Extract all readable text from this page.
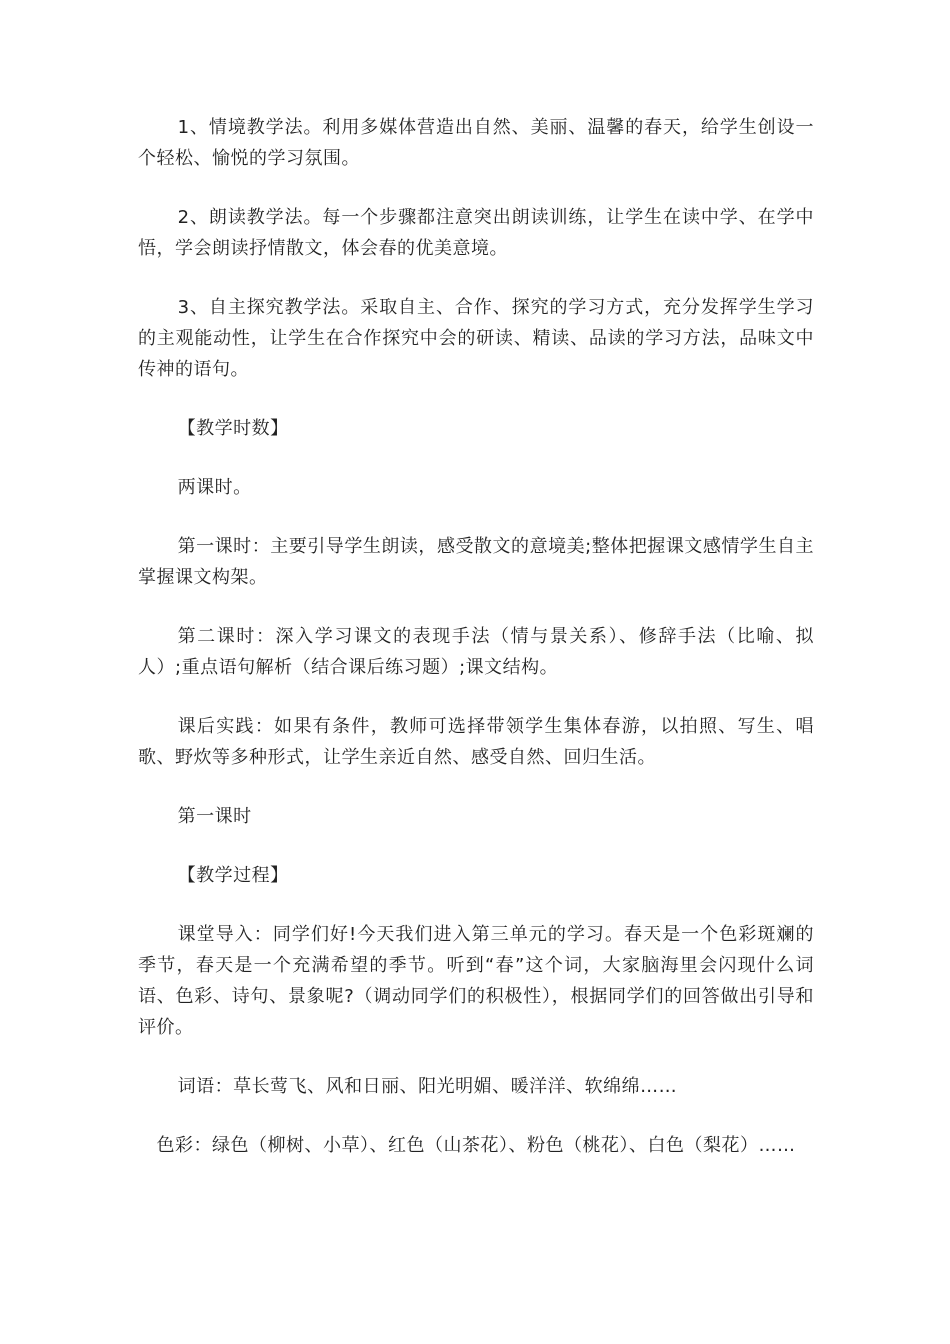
1、情境教学法。利用多媒体营造出自然、美丽、温馨的春天，给学生创设一个轻松、愉悦的学习氛围。

2、朗读教学法。每一个步骤都注意突出朗读训练，让学生在读中学、在学中悟，学会朗读抒情散文，体会春的优美意境。

3、自主探究教学法。采取自主、合作、探究的学习方式，充分发挥学生学习的主观能动性，让学生在合作探究中会的研读、精读、品读的学习方法，品味文中传神的语句。

【教学时数】

两课时。

第一课时：主要引导学生朗读，感受散文的意境美;整体把握课文感情学生自主掌握课文构架。

第二课时：深入学习课文的表现手法（情与景关系）、修辞手法（比喻、拟人）;重点语句解析（结合课后练习题）;课文结构。

课后实践：如果有条件，教师可选择带领学生集体春游，以拍照、写生、唱歌、野炊等多种形式，让学生亲近自然、感受自然、回归生活。

第一课时

【教学过程】

课堂导入：同学们好!今天我们进入第三单元的学习。春天是一个色彩斑斓的季节，春天是一个充满希望的季节。听到“春”这个词，大家脑海里会闪现什么词语、色彩、诗句、景象呢?（调动同学们的积极性），根据同学们的回答做出引导和评价。

词语：草长莺飞、风和日丽、阳光明媚、暖洋洋、软绵绵……

色彩：绿色（柳树、小草）、红色（山茶花）、粉色（桃花）、白色（梨花）……
